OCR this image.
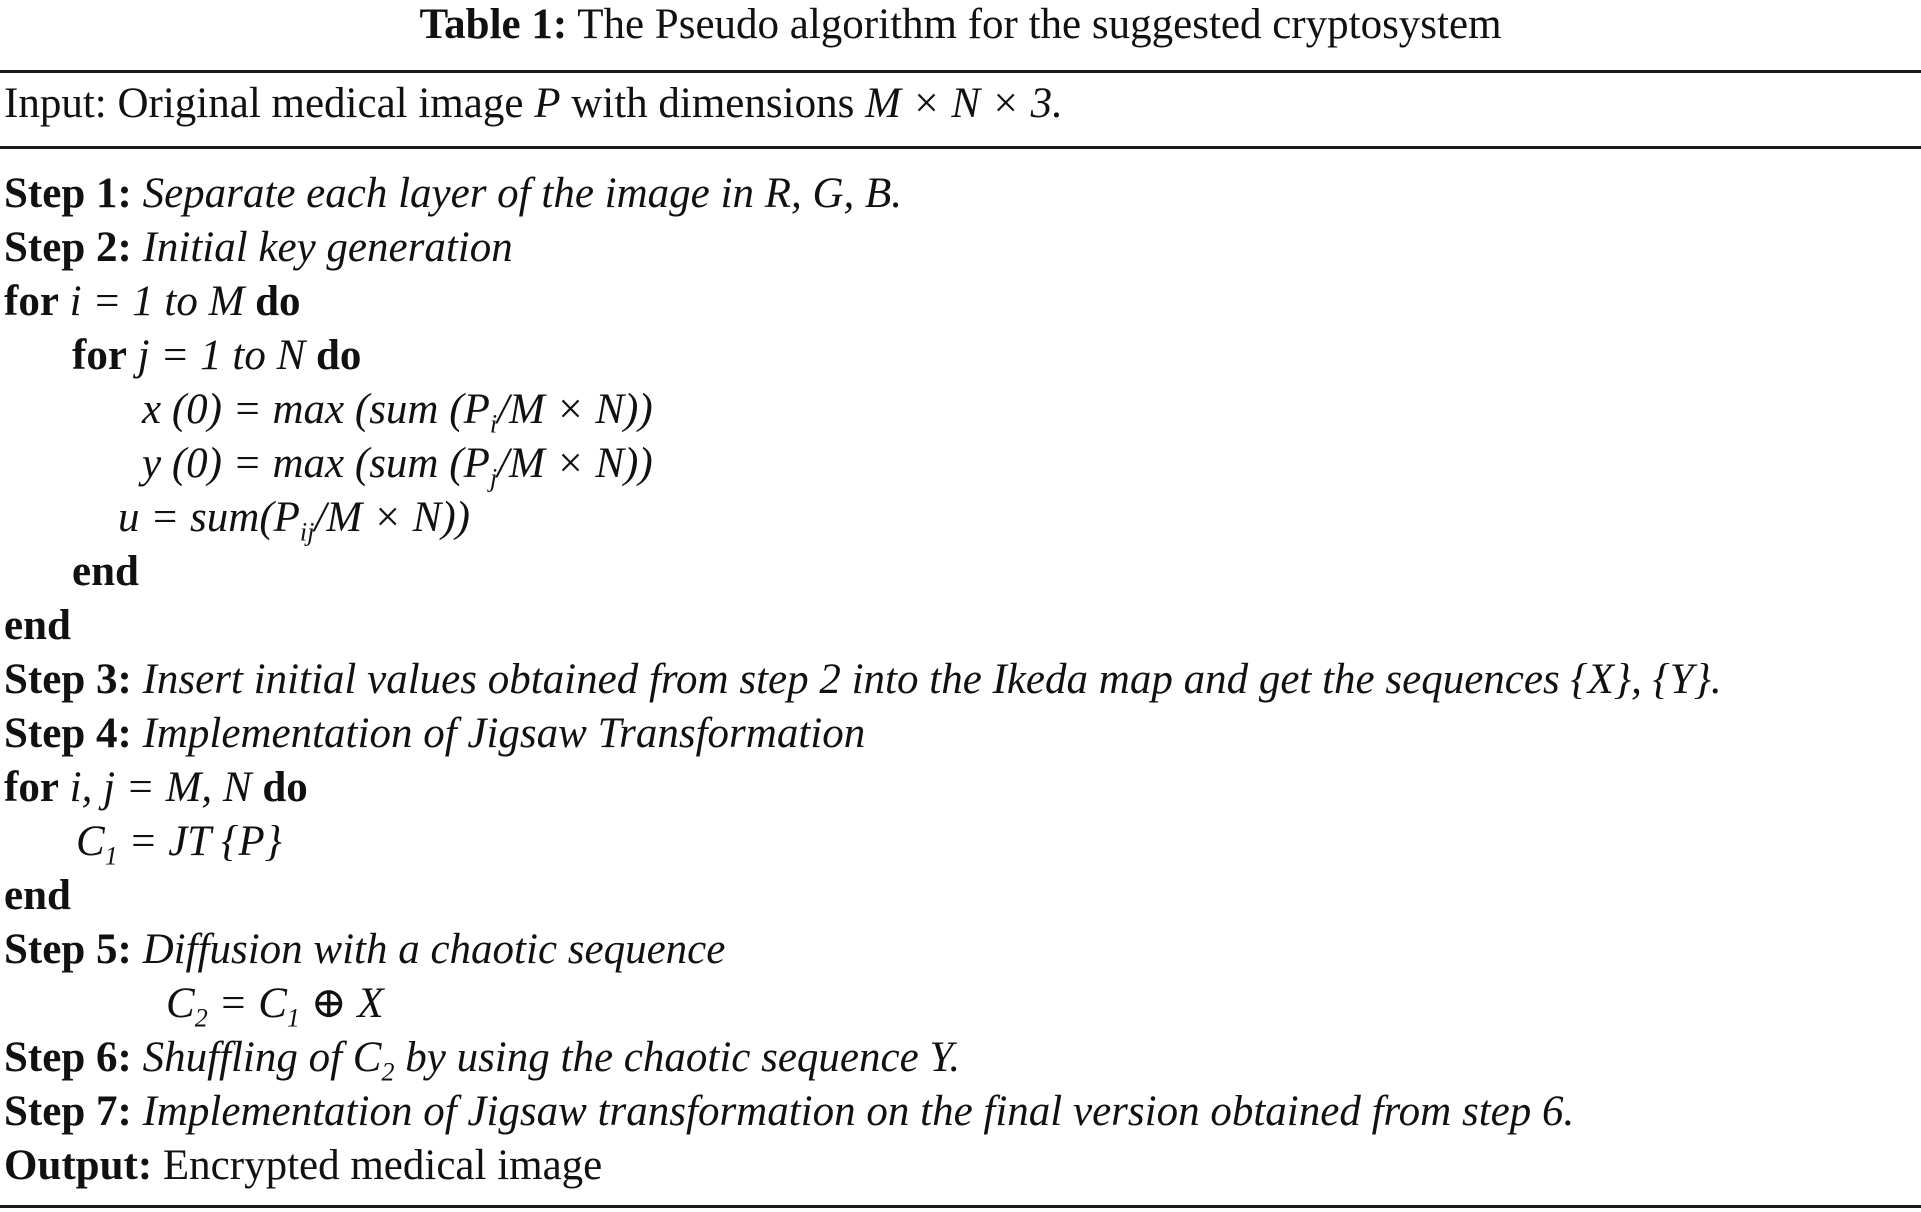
Table 1: The Pseudo algorithm for the suggested cryptosystem
Input: Original medical image P with dimensions M × N × 3.
Step 1: Separate each layer of the image in R, G, B.
Step 2: Initial key generation
for i = 1 to M do
for j = 1 to N do
x (0) = max (sum $(P_i/M \times N)$)
y (0) = max (sum $(P_j/M \times N)$)
$u = sum(P_{ij}/M \times N)$)
end
end
Step 3: Insert initial values obtained from step 2 into the Ikeda map and get the sequences {X}, {Y}.
Step 4: Implementation of Jigsaw Transformation
for i, j = M, N do
$C_1$ = JT {P}
end
Step 5: Diffusion with a chaotic sequence
$C_2 = C_1$ ⊕ X
Step 6: Shuffling of $C_2$ by using the chaotic sequence Y.
Step 7: Implementation of Jigsaw transformation on the final version obtained from step 6.
Output: Encrypted medical image
